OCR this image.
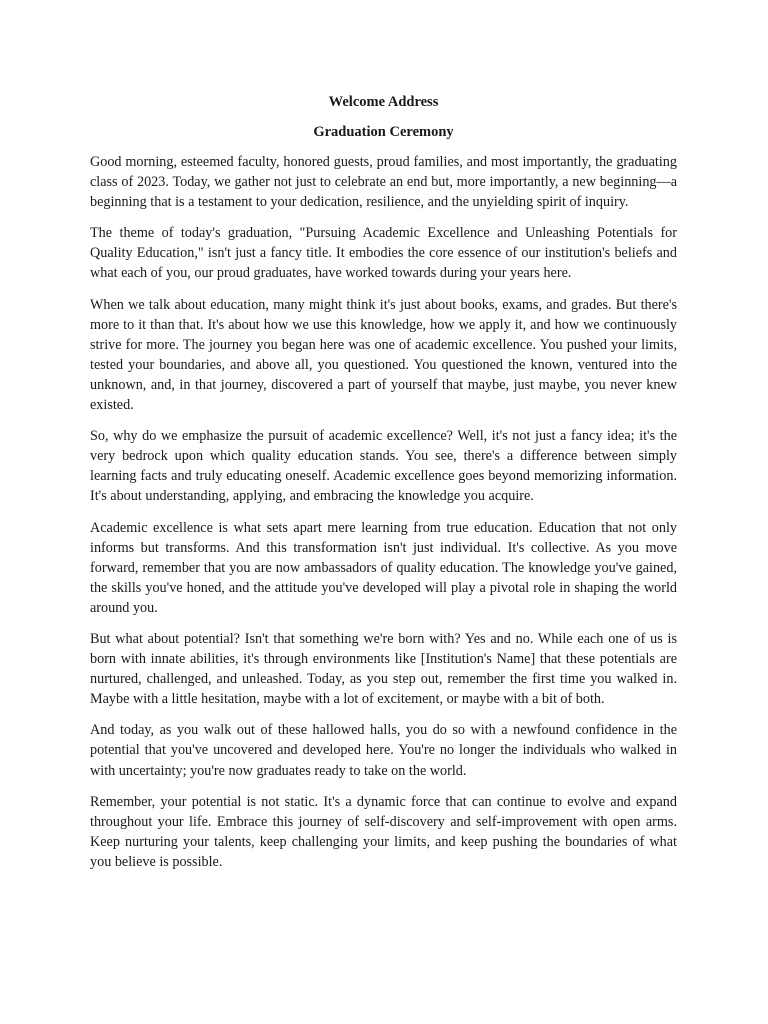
Welcome Address

Graduation Ceremony

Good morning, esteemed faculty, honored guests, proud families, and most importantly, the graduating class of 2023. Today, we gather not just to celebrate an end but, more importantly, a new beginning—a beginning that is a testament to your dedication, resilience, and the unyielding spirit of inquiry.

The theme of today's graduation, "Pursuing Academic Excellence and Unleashing Potentials for Quality Education," isn't just a fancy title. It embodies the core essence of our institution's beliefs and what each of you, our proud graduates, have worked towards during your years here.

When we talk about education, many might think it's just about books, exams, and grades. But there's more to it than that. It's about how we use this knowledge, how we apply it, and how we continuously strive for more. The journey you began here was one of academic excellence. You pushed your limits, tested your boundaries, and above all, you questioned. You questioned the known, ventured into the unknown, and, in that journey, discovered a part of yourself that maybe, just maybe, you never knew existed.

So, why do we emphasize the pursuit of academic excellence? Well, it's not just a fancy idea; it's the very bedrock upon which quality education stands. You see, there's a difference between simply learning facts and truly educating oneself. Academic excellence goes beyond memorizing information. It's about understanding, applying, and embracing the knowledge you acquire.

Academic excellence is what sets apart mere learning from true education. Education that not only informs but transforms. And this transformation isn't just individual. It's collective. As you move forward, remember that you are now ambassadors of quality education. The knowledge you've gained, the skills you've honed, and the attitude you've developed will play a pivotal role in shaping the world around you.

But what about potential? Isn't that something we're born with? Yes and no. While each one of us is born with innate abilities, it's through environments like [Institution's Name] that these potentials are nurtured, challenged, and unleashed. Today, as you step out, remember the first time you walked in. Maybe with a little hesitation, maybe with a lot of excitement, or maybe with a bit of both.

And today, as you walk out of these hallowed halls, you do so with a newfound confidence in the potential that you've uncovered and developed here. You're no longer the individuals who walked in with uncertainty; you're now graduates ready to take on the world.

Remember, your potential is not static. It's a dynamic force that can continue to evolve and expand throughout your life. Embrace this journey of self-discovery and self-improvement with open arms. Keep nurturing your talents, keep challenging your limits, and keep pushing the boundaries of what you believe is possible.
